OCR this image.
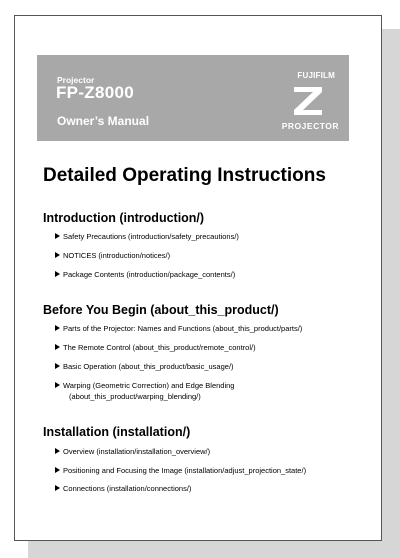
Projector
FP-Z8000
Owner’s Manual
FUJIFILM
PROJECTOR
Detailed Operating Instructions
Introduction (introduction/)
Safety Precautions (introduction/safety_precautions/)
NOTICES (introduction/notices/)
Package Contents (introduction/package_contents/)
Before You Begin (about_this_product/)
Parts of the Projector: Names and Functions (about_this_product/parts/)
The Remote Control (about_this_product/remote_control/)
Basic Operation (about_this_product/basic_usage/)
Warping (Geometric Correction) and Edge Blending
(about_this_product/warping_blending/)
Installation (installation/)
Overview (installation/installation_overview/)
Positioning and Focusing the Image (installation/adjust_projection_state/)
Connections (installation/connections/)
